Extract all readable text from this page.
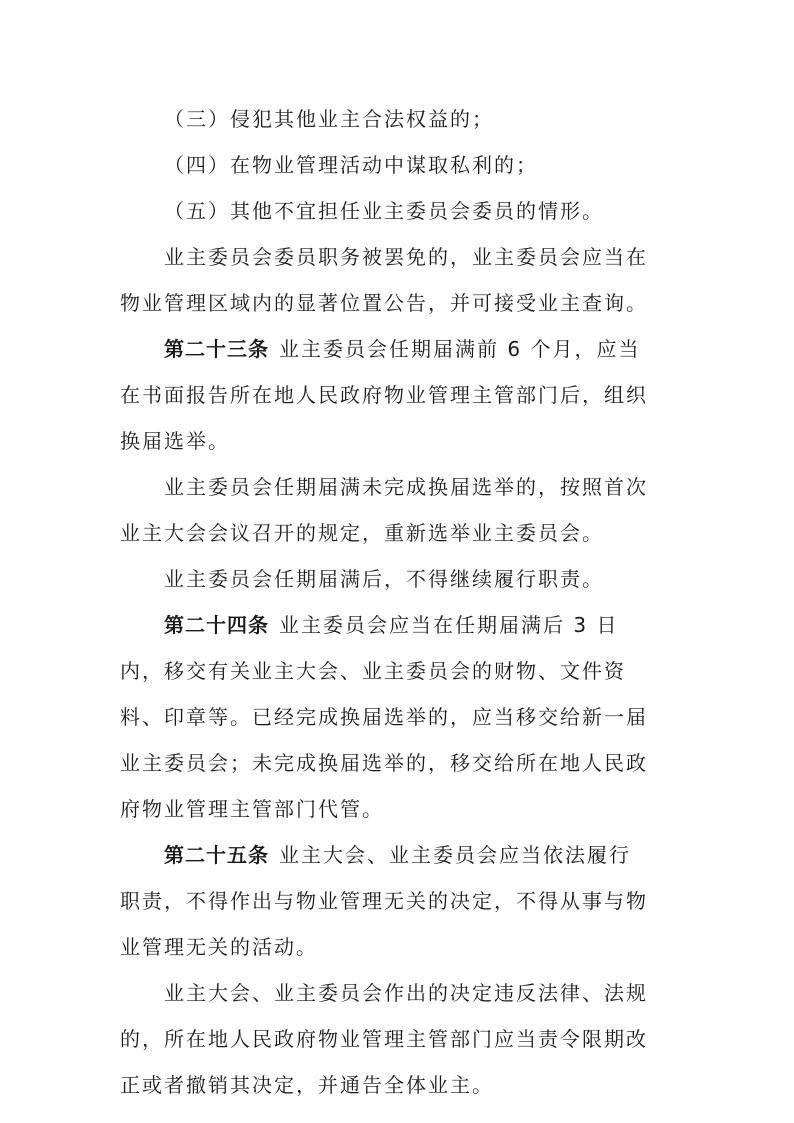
（三）侵犯其他业主合法权益的；
（四）在物业管理活动中谋取私利的；
（五）其他不宜担任业主委员会委员的情形。
业主委员会委员职务被罢免的，业主委员会应当在
物业管理区域内的显著位置公告，并可接受业主查询。
第二十三条 业主委员会任期届满前 6 个月，应当
在书面报告所在地人民政府物业管理主管部门后，组织
换届选举。
业主委员会任期届满未完成换届选举的，按照首次
业主大会会议召开的规定，重新选举业主委员会。
业主委员会任期届满后，不得继续履行职责。
第二十四条 业主委员会应当在任期届满后 3 日
内，移交有关业主大会、业主委员会的财物、文件资
料、印章等。已经完成换届选举的，应当移交给新一届
业主委员会；未完成换届选举的，移交给所在地人民政
府物业管理主管部门代管。
第二十五条 业主大会、业主委员会应当依法履行
职责，不得作出与物业管理无关的决定，不得从事与物
业管理无关的活动。
业主大会、业主委员会作出的决定违反法律、法规
的，所在地人民政府物业管理主管部门应当责令限期改
正或者撤销其决定，并通告全体业主。
